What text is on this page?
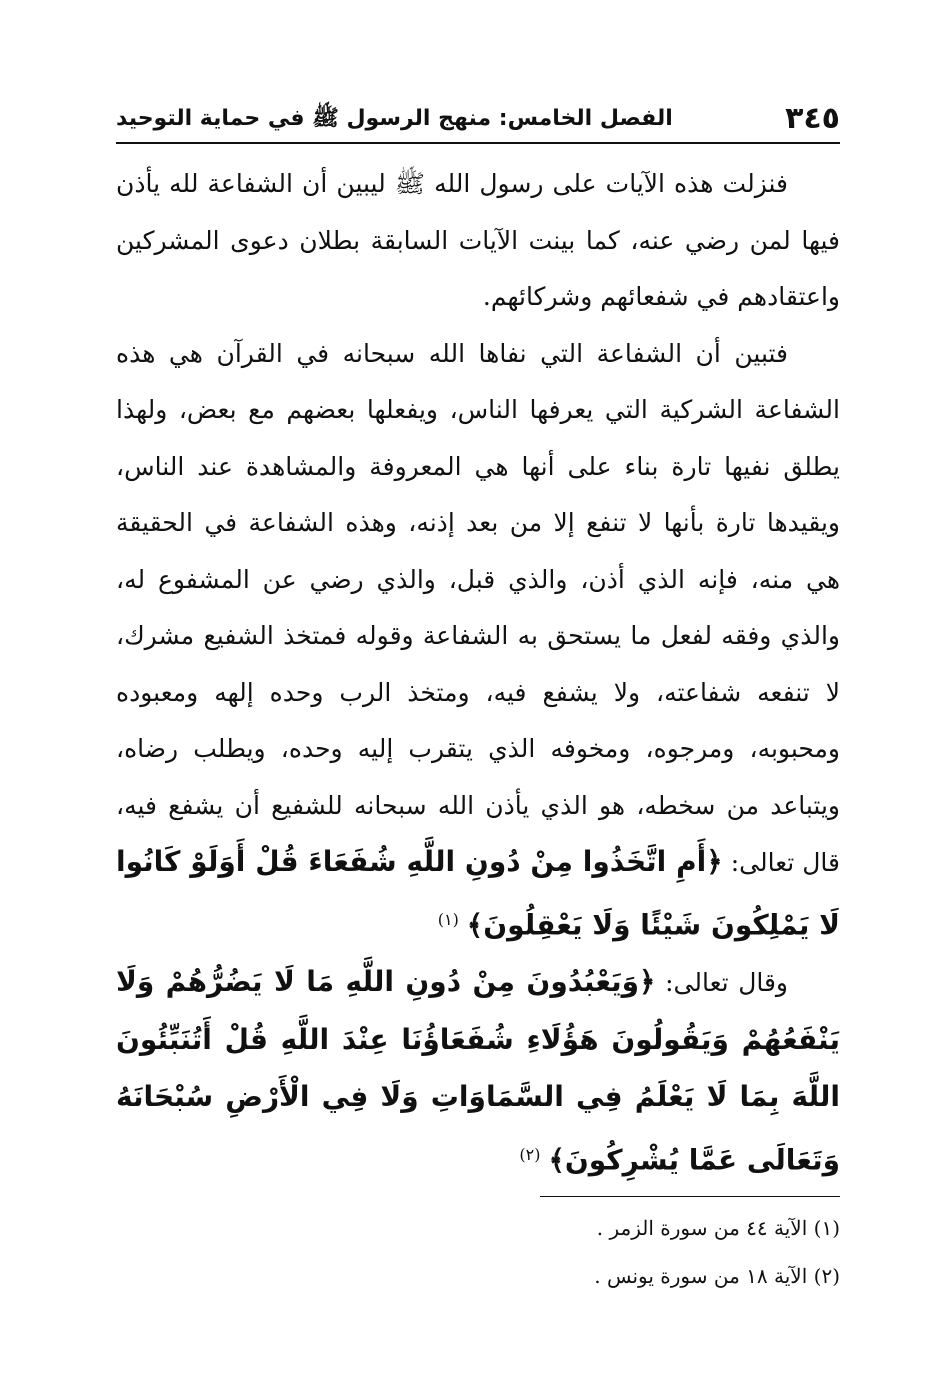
٣٤٥
الفصل الخامس: منهج الرسول ﷺ في حماية التوحيد

فنزلت هذه الآيات على رسول الله ﷺ ليبين أن الشفاعة لله يأذن فيها لمن رضي عنه، كما بينت الآيات السابقة بطلان دعوى المشركين واعتقادهم في شفعائهم وشركائهم.

فتبين أن الشفاعة التي نفاها الله سبحانه في القرآن هي هذه الشفاعة الشركية التي يعرفها الناس، ويفعلها بعضهم مع بعض، ولهذا يطلق نفيها تارة بناء على أنها هي المعروفة والمشاهدة عند الناس، ويقيدها تارة بأنها لا تنفع إلا من بعد إذنه، وهذه الشفاعة في الحقيقة هي منه، فإنه الذي أذن، والذي قبل، والذي رضي عن المشفوع له، والذي وفقه لفعل ما يستحق به الشفاعة وقوله فمتخذ الشفيع مشرك، لا تنفعه شفاعته، ولا يشفع فيه، ومتخذ الرب وحده إلهه ومعبوده ومحبوبه، ومرجوه، ومخوفه الذي يتقرب إليه وحده، ويطلب رضاه، ويتباعد من سخطه، هو الذي يأذن الله سبحانه للشفيع أن يشفع فيه، قال تعالى: ﴿أَمِ اتَّخَذُوا مِنْ دُونِ اللَّهِ شُفَعَاءَ قُلْ أَوَلَوْ كَانُوا لَا يَمْلِكُونَ شَيْئًا وَلَا يَعْقِلُونَ﴾ $^{(١)}$

وقال تعالى: ﴿وَيَعْبُدُونَ مِنْ دُونِ اللَّهِ مَا لَا يَضُرُّهُمْ وَلَا يَنْفَعُهُمْ وَيَقُولُونَ هَؤُلَاءِ شُفَعَاؤُنَا عِنْدَ اللَّهِ قُلْ أَتُنَبِّئُونَ اللَّهَ بِمَا لَا يَعْلَمُ فِي السَّمَاوَاتِ وَلَا فِي الْأَرْضِ سُبْحَانَهُ وَتَعَالَى عَمَّا يُشْرِكُونَ﴾ $^{(٢)}$

(١) الآية ٤٤ من سورة الزمر .

(٢) الآية ١٨ من سورة يونس .
